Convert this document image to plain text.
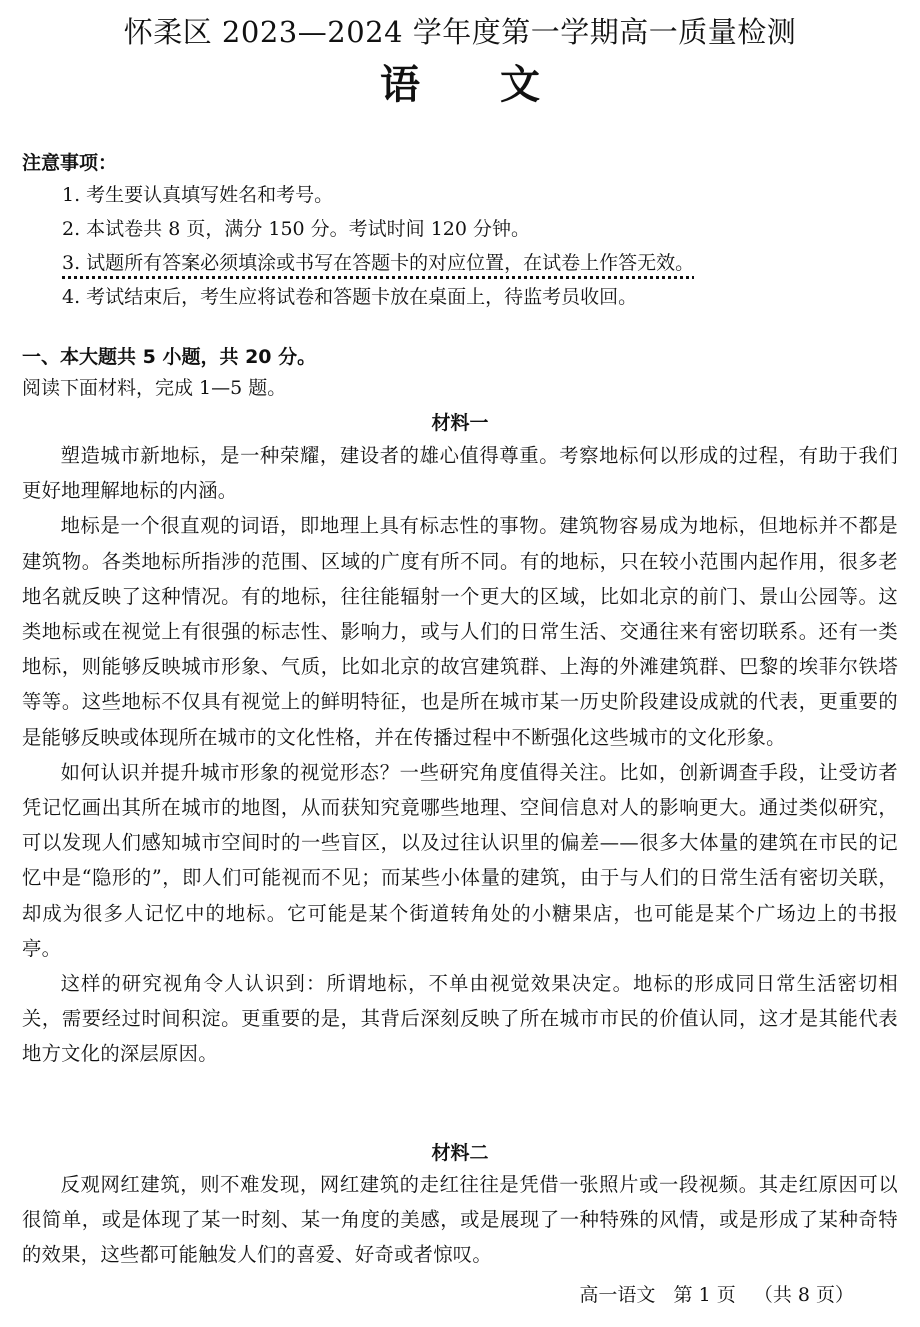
怀柔区 2023—2024 学年度第一学期高一质量检测
语 文
注意事项：
1. 考生要认真填写姓名和考号。
2. 本试卷共 8 页，满分 150 分。考试时间 120 分钟。
3. 试题所有答案必须填涂或书写在答题卡的对应位置，在试卷上作答无效。
4. 考试结束后，考生应将试卷和答题卡放在桌面上，待监考员收回。
一、本大题共 5 小题，共 20 分。
阅读下面材料，完成 1—5 题。
材料一

塑造城市新地标，是一种荣耀，建设者的雄心值得尊重。考察地标何以形成的过程，有助于我们更好地理解地标的内涵。

地标是一个很直观的词语，即地理上具有标志性的事物。建筑物容易成为地标，但地标并不都是建筑物。各类地标所指涉的范围、区域的广度有所不同。有的地标，只在较小范围内起作用，很多老地名就反映了这种情况。有的地标，往往能辐射一个更大的区域，比如北京的前门、景山公园等。这类地标或在视觉上有很强的标志性、影响力，或与人们的日常生活、交通往来有密切联系。还有一类地标，则能够反映城市形象、气质，比如北京的故宫建筑群、上海的外滩建筑群、巴黎的埃菲尔铁塔等等。这些地标不仅具有视觉上的鲜明特征，也是所在城市某一历史阶段建设成就的代表，更重要的是能够反映或体现所在城市的文化性格，并在传播过程中不断强化这些城市的文化形象。

如何认识并提升城市形象的视觉形态？一些研究角度值得关注。比如，创新调查手段，让受访者凭记忆画出其所在城市的地图，从而获知究竟哪些地理、空间信息对人的影响更大。通过类似研究，可以发现人们感知城市空间时的一些盲区，以及过往认识里的偏差——很多大体量的建筑在市民的记忆中是“隐形的”，即人们可能视而不见；而某些小体量的建筑，由于与人们的日常生活有密切关联，却成为很多人记忆中的地标。它可能是某个街道转角处的小糖果店，也可能是某个广场边上的书报亭。

这样的研究视角令人认识到：所谓地标，不单由视觉效果决定。地标的形成同日常生活密切相关，需要经过时间积淀。更重要的是，其背后深刻反映了所在城市市民的价值认同，这才是其能代表地方文化的深层原因。

材料二

反观网红建筑，则不难发现，网红建筑的走红往往是凭借一张照片或一段视频。其走红原因可以很简单，或是体现了某一时刻、某一角度的美感，或是展现了一种特殊的风情，或是形成了某种奇特的效果，这些都可能触发人们的喜爱、好奇或者惊叹。

高一语文   第 1 页   （共 8 页）
